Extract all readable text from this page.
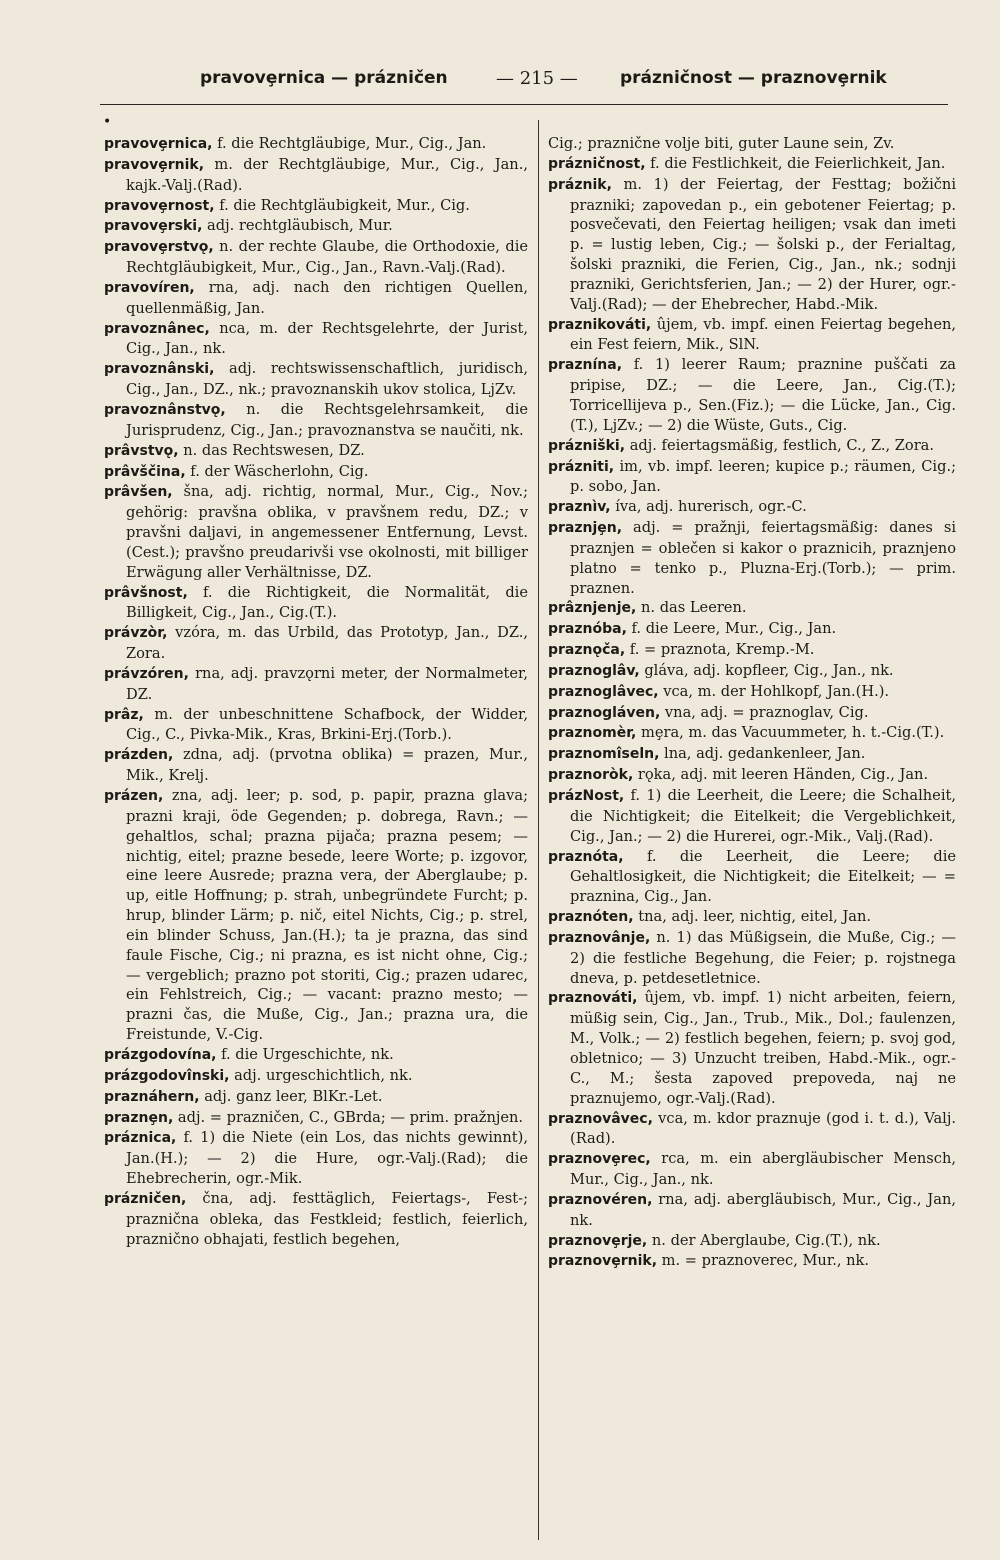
pravovȩrnica — prázničen	— 215 — prázničnost — praznovȩrnik
•

pravovȩrnica, f. die Rechtgläubige, Mur., Cig., Jan.

pravovȩrnik, m. der Rechtgläubige, Mur., Cig., Jan., kajk.-Valj.(Rad).

pravovȩrnost, f. die Rechtgläubigkeit, Mur., Cig.

pravovȩrski, adj. rechtgläubisch, Mur.

pravovȩrstvǫ, n. der rechte Glaube, die Orthodoxie, die Rechtgläubigkeit, Mur., Cig., Jan., Ravn.-Valj.(Rad).

pravovíren, rna, adj. nach den richtigen Quellen, quellenmäßig, Jan.

pravoznânec, nca, m. der Rechtsgelehrte, der Jurist, Cig., Jan., nk.

pravoznânski, adj. rechtswissenschaftlich, juridisch, Cig., Jan., DZ., nk.; pravoznanskih ukov stolica, LjZv.

pravoznânstvǫ, n. die Rechtsgelehrsamkeit, die Jurisprudenz, Cig., Jan.; pravoznanstva se naučiti, nk.

prâvstvǫ, n. das Rechtswesen, DZ.

prâvščina, f. der Wäscherlohn, Cig.

prâvšen, šna, adj. richtig, normal, Mur., Cig., Nov.; gehörig: pravšna oblika, v pravšnem redu, DZ.; v pravšni daljavi, in angemessener Entfernung, Levst.(Cest.); pravšno preudarivši vse okolnosti, mit billiger Erwägung aller Verhältnisse, DZ.

prâvšnost, f. die Richtigkeit, die Normalität, die Billigkeit, Cig., Jan., Cig.(T.).

právzòr, vzóra, m. das Urbild, das Prototyp, Jan., DZ., Zora.

právzóren, rna, adj. pravzǫrni meter, der Normalmeter, DZ.

prâz, m. der unbeschnittene Schafbock, der Widder, Cig., C., Pivka-Mik., Kras, Brkini-Erj.(Torb.).

prázden, zdna, adj. (prvotna oblika) = prazen, Mur., Mik., Krelj.

prázen, zna, adj. leer; p. sod, p. papir, prazna glava; prazni kraji, öde Gegenden; p. dobrega, Ravn.; — gehaltlos, schal; prazna pijača; prazna pesem; — nichtig, eitel; prazne besede, leere Worte; p. izgovor, eine leere Ausrede; prazna vera, der Aberglaube; p. up, eitle Hoffnung; p. strah, unbegründete Furcht; p. hrup, blinder Lärm; p. nič, eitel Nichts, Cig.; p. strel, ein blinder Schuss, Jan.(H.); ta je prazna, das sind faule Fische, Cig.; ni prazna, es ist nicht ohne, Cig.; — vergeblich; prazno pot storiti, Cig.; prazen udarec, ein Fehlstreich, Cig.; — vacant: prazno mesto; — prazni čas, die Muße, Cig., Jan.; prazna ura, die Freistunde, V.-Cig.

prázgodovína, f. die Urgeschichte, nk.

prázgodovînski, adj. urgeschichtlich, nk.

praznáhern, adj. ganz leer, BlKr.-Let.

praznȩn, adj. = prazničen, C., GBrda; — prim. pražnjen.

práznica, f. 1) die Niete (ein Los, das nichts gewinnt), Jan.(H.); — 2) die Hure, ogr.-Valj.(Rad); die Ehebrecherin, ogr.-Mik.

prázničen, čna, adj. festtäglich, Feiertags-, Fest-; praznična obleka, das Festkleid; festlich, feierlich, praznično obhajati, festlich begehen,

Cig.; praznične volje biti, guter Laune sein, Zv.

prázničnost, f. die Festlichkeit, die Feierlichkeit, Jan.

práznik, m. 1) der Feiertag, der Festtag; božični prazniki; zapovedan p., ein gebotener Feiertag; p. posvečevati, den Feiertag heiligen; vsak dan imeti p. = lustig leben, Cig.; — šolski p., der Ferialtag, šolski prazniki, die Ferien, Cig., Jan., nk.; sodnji prazniki, Gerichtsferien, Jan.; — 2) der Hurer, ogr.-Valj.(Rad); — der Ehebrecher, Habd.-Mik.

praznikováti, ûjem, vb. impf. einen Feiertag begehen, ein Fest feiern, Mik., SlN.

praznína, f. 1) leerer Raum; praznine puščati za pripise, DZ.; — die Leere, Jan., Cig.(T.); Torricellijeva p., Sen.(Fiz.); — die Lücke, Jan., Cig.(T.), LjZv.; — 2) die Wüste, Guts., Cig.

prázniški, adj. feiertagsmäßig, festlich, C., Z., Zora.

prázniti, im, vb. impf. leeren; kupice p.; räumen, Cig.; p. sobo, Jan.

praznìv, íva, adj. hurerisch, ogr.-C.

praznjȩn, adj. = pražnji, feiertagsmäßig: danes si praznjen = oblečen si kakor o praznicih, praznjeno platno = tenko p., Pluzna-Erj.(Torb.); — prim. praznen.

prâznjenje, n. das Leeren.

praznóba, f. die Leere, Mur., Cig., Jan.

praznǫča, f. = praznota, Kremp.-M.

praznoglâv, gláva, adj. kopfleer, Cig., Jan., nk.

praznoglâvec, vca, m. der Hohlkopf, Jan.(H.).

praznogláven, vna, adj. = praznoglav, Cig.

praznomèr, mȩra, m. das Vacuummeter, h. t.-Cig.(T.).

praznomîseln, lna, adj. gedankenleer, Jan.

praznoròk, rǫka, adj. mit leeren Händen, Cig., Jan.

prázNost, f. 1) die Leerheit, die Leere; die Schalheit, die Nichtigkeit; die Eitelkeit; die Vergeblichkeit, Cig., Jan.; — 2) die Hurerei, ogr.-Mik., Valj.(Rad).

praznóta, f. die Leerheit, die Leere; die Gehaltlosigkeit, die Nichtigkeit; die Eitelkeit; — = praznina, Cig., Jan.

praznóten, tna, adj. leer, nichtig, eitel, Jan.

praznovânje, n. 1) das Müßigsein, die Muße, Cig.; — 2) die festliche Begehung, die Feier; p. rojstnega dneva, p. petdesetletnice.

praznováti, ûjem, vb. impf. 1) nicht arbeiten, feiern, müßig sein, Cig., Jan., Trub., Mik., Dol.; faulenzen, M., Volk.; — 2) festlich begehen, feiern; p. svoj god, obletnico; — 3) Unzucht treiben, Habd.-Mik., ogr.-C., M.; šesta zapoved prepoveda, naj ne praznujemo, ogr.-Valj.(Rad).

praznovâvec, vca, m. kdor praznuje (god i. t. d.), Valj.(Rad).

praznovȩrec, rca, m. ein abergläubischer Mensch, Mur., Cig., Jan., nk.

praznovéren, rna, adj. abergläubisch, Mur., Cig., Jan, nk.

praznovȩrje, n. der Aberglaube, Cig.(T.), nk.

praznovȩrnik, m. = praznoverec, Mur., nk.
